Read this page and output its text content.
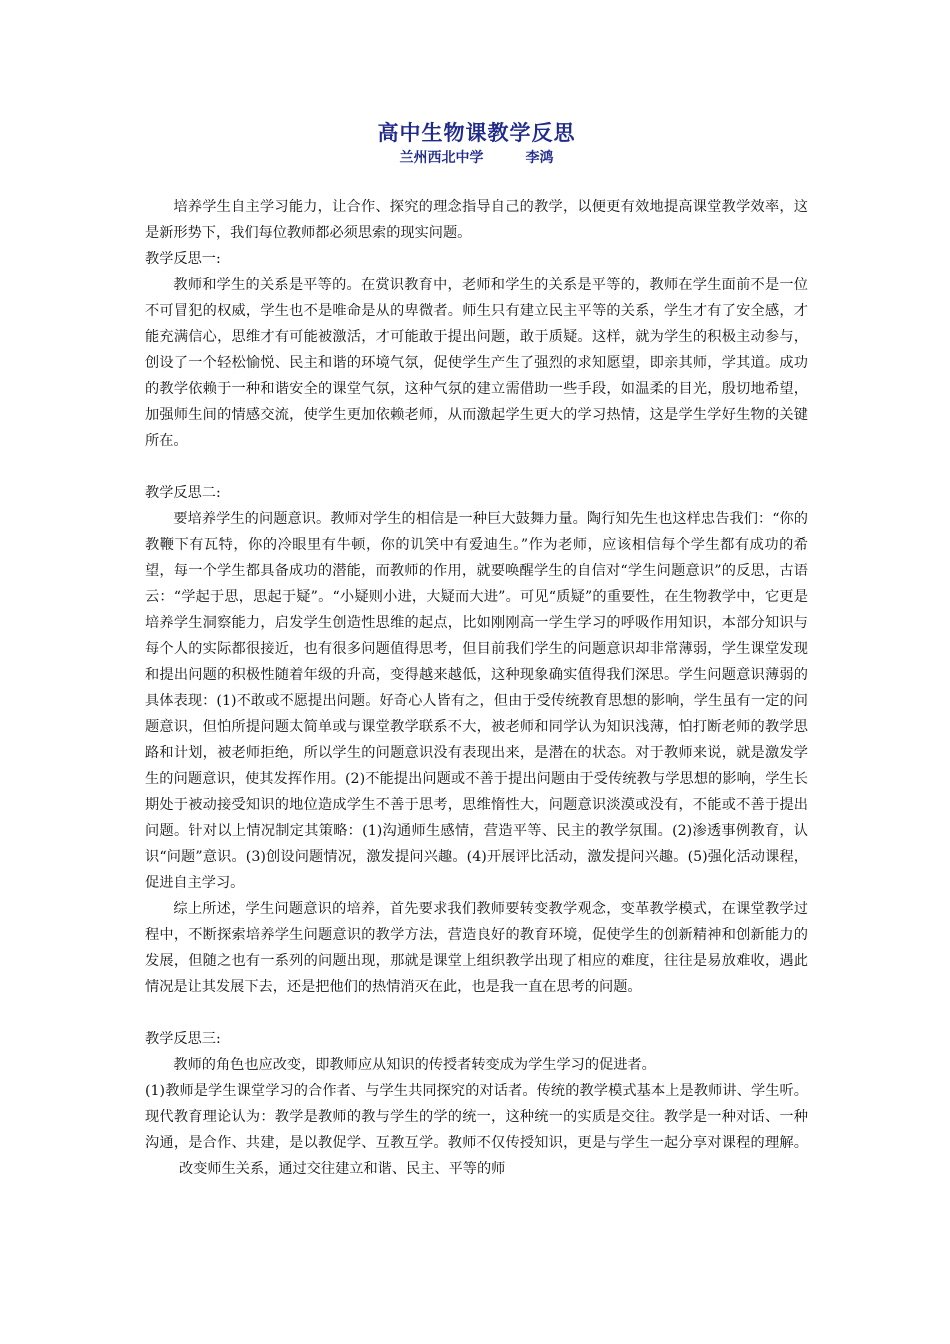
高中生物课教学反思
兰州西北中学	李鸿

培养学生自主学习能力，让合作、探究的理念指导自己的教学，以便更有效地提高课堂教学效率，这是新形势下，我们每位教师都必须思索的现实问题。

教学反思一:

教师和学生的关系是平等的。在赏识教育中，老师和学生的关系是平等的，教师在学生面前不是一位不可冒犯的权威，学生也不是唯命是从的卑微者。师生只有建立民主平等的关系，学生才有了安全感，才能充满信心，思维才有可能被激活，才可能敢于提出问题，敢于质疑。这样，就为学生的积极主动参与，创设了一个轻松愉悦、民主和谐的环境气氛，促使学生产生了强烈的求知愿望，即亲其师，学其道。成功的教学依赖于一种和谐安全的课堂气氛，这种气氛的建立需借助一些手段，如温柔的目光，殷切地希望，加强师生间的情感交流，使学生更加依赖老师，从而激起学生更大的学习热情，这是学生学好生物的关键所在。

教学反思二:

要培养学生的问题意识。教师对学生的相信是一种巨大鼓舞力量。陶行知先生也这样忠告我们：“你的教鞭下有瓦特，你的冷眼里有牛顿，你的讥笑中有爱迪生。”作为老师，应该相信每个学生都有成功的希望，每一个学生都具备成功的潜能，而教师的作用，就要唤醒学生的自信对“学生问题意识”的反思，古语云：“学起于思，思起于疑”。“小疑则小进，大疑而大进”。可见“质疑”的重要性，在生物教学中，它更是培养学生洞察能力，启发学生创造性思维的起点，比如刚刚高一学生学习的呼吸作用知识，本部分知识与每个人的实际都很接近，也有很多问题值得思考，但目前我们学生的问题意识却非常薄弱，学生课堂发现和提出问题的积极性随着年级的升高，变得越来越低，这种现象确实值得我们深思。学生问题意识薄弱的具体表现：(1)不敢或不愿提出问题。好奇心人皆有之，但由于受传统教育思想的影响，学生虽有一定的问题意识，但怕所提问题太简单或与课堂教学联系不大，被老师和同学认为知识浅薄，怕打断老师的教学思路和计划，被老师拒绝，所以学生的问题意识没有表现出来，是潜在的状态。对于教师来说，就是激发学生的问题意识，使其发挥作用。(2)不能提出问题或不善于提出问题由于受传统教与学思想的影响，学生长期处于被动接受知识的地位造成学生不善于思考，思维惰性大，问题意识淡漠或没有，不能或不善于提出问题。针对以上情况制定其策略：(1)沟通师生感情，营造平等、民主的教学氛围。(2)渗透事例教育，认识“问题”意识。(3)创设问题情况，激发提问兴趣。(4)开展评比活动，激发提问兴趣。(5)强化活动课程，促进自主学习。

综上所述，学生问题意识的培养，首先要求我们教师要转变教学观念，变革教学模式，在课堂教学过程中，不断探索培养学生问题意识的教学方法，营造良好的教育环境，促使学生的创新精神和创新能力的发展，但随之也有一系列的问题出现，那就是课堂上组织教学出现了相应的难度，往往是易放难收，遇此情况是让其发展下去，还是把他们的热情消灭在此，也是我一直在思考的问题。

教学反思三:

教师的角色也应改变，即教师应从知识的传授者转变成为学生学习的促进者。

(1)教师是学生课堂学习的合作者、与学生共同探究的对话者。传统的教学模式基本上是教师讲、学生听。现代教育理论认为：教学是教师的教与学生的学的统一，这种统一的实质是交往。教学是一种对话、一种沟通，是合作、共建，是以教促学、互教互学。教师不仅传授知识，更是与学生一起分享对课程的理解。改变师生关系，通过交往建立和谐、民主、平等的师
